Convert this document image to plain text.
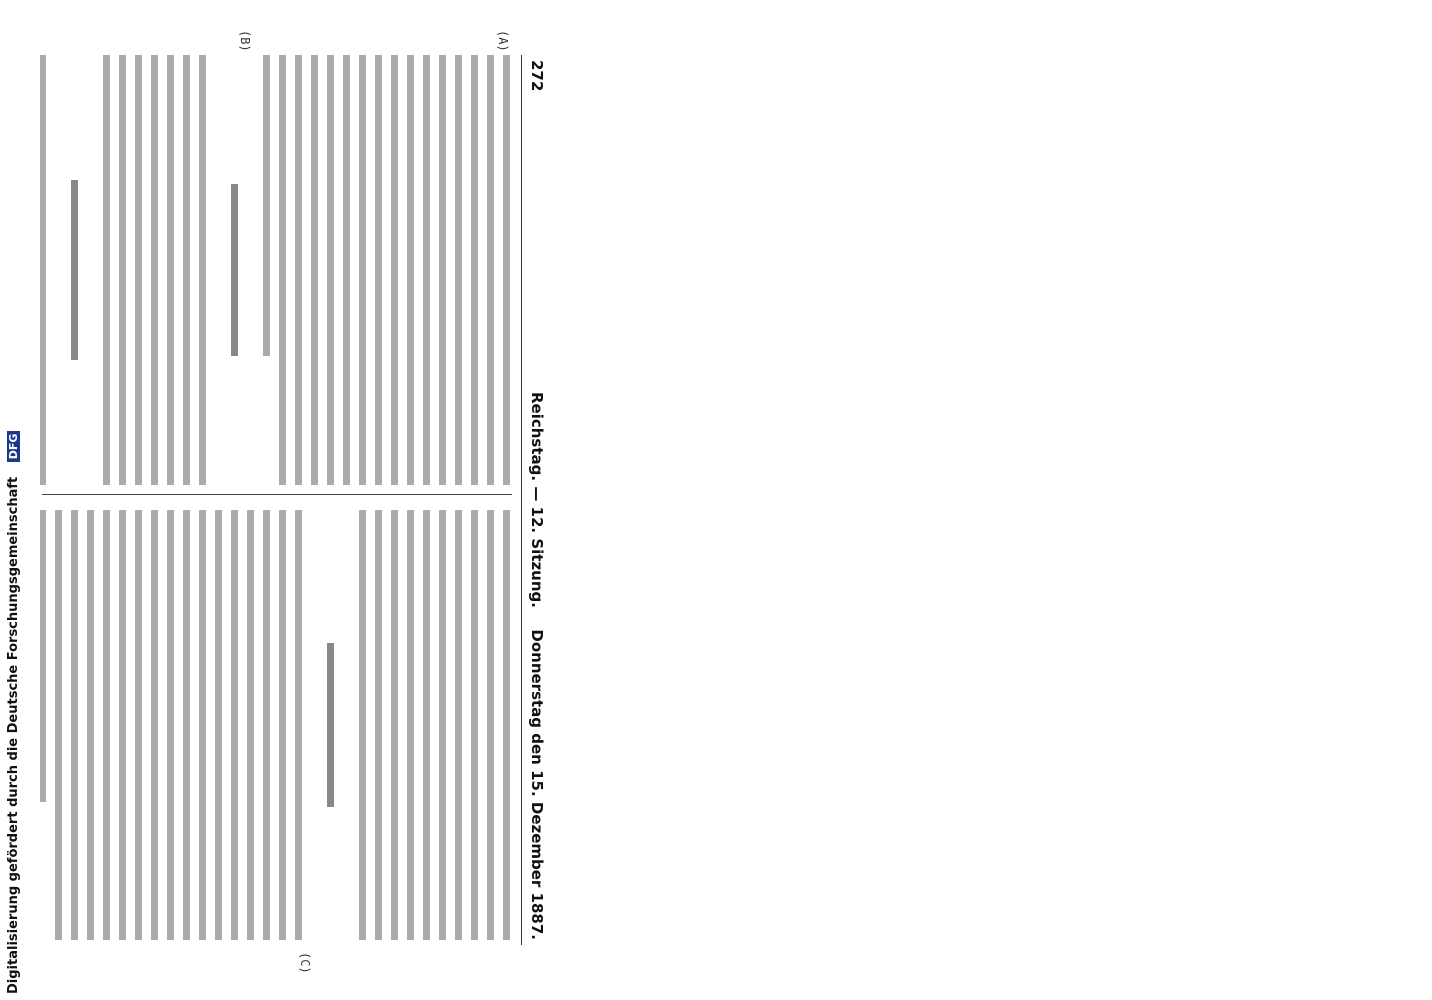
272
Reichstag. — 12. Sitzung.
Donnerstag den 15. Dezember 1887.
(A)
(B)
(C)
Digitalisierung gefördert durch die Deutsche Forschungsgemeinschaft DFG
